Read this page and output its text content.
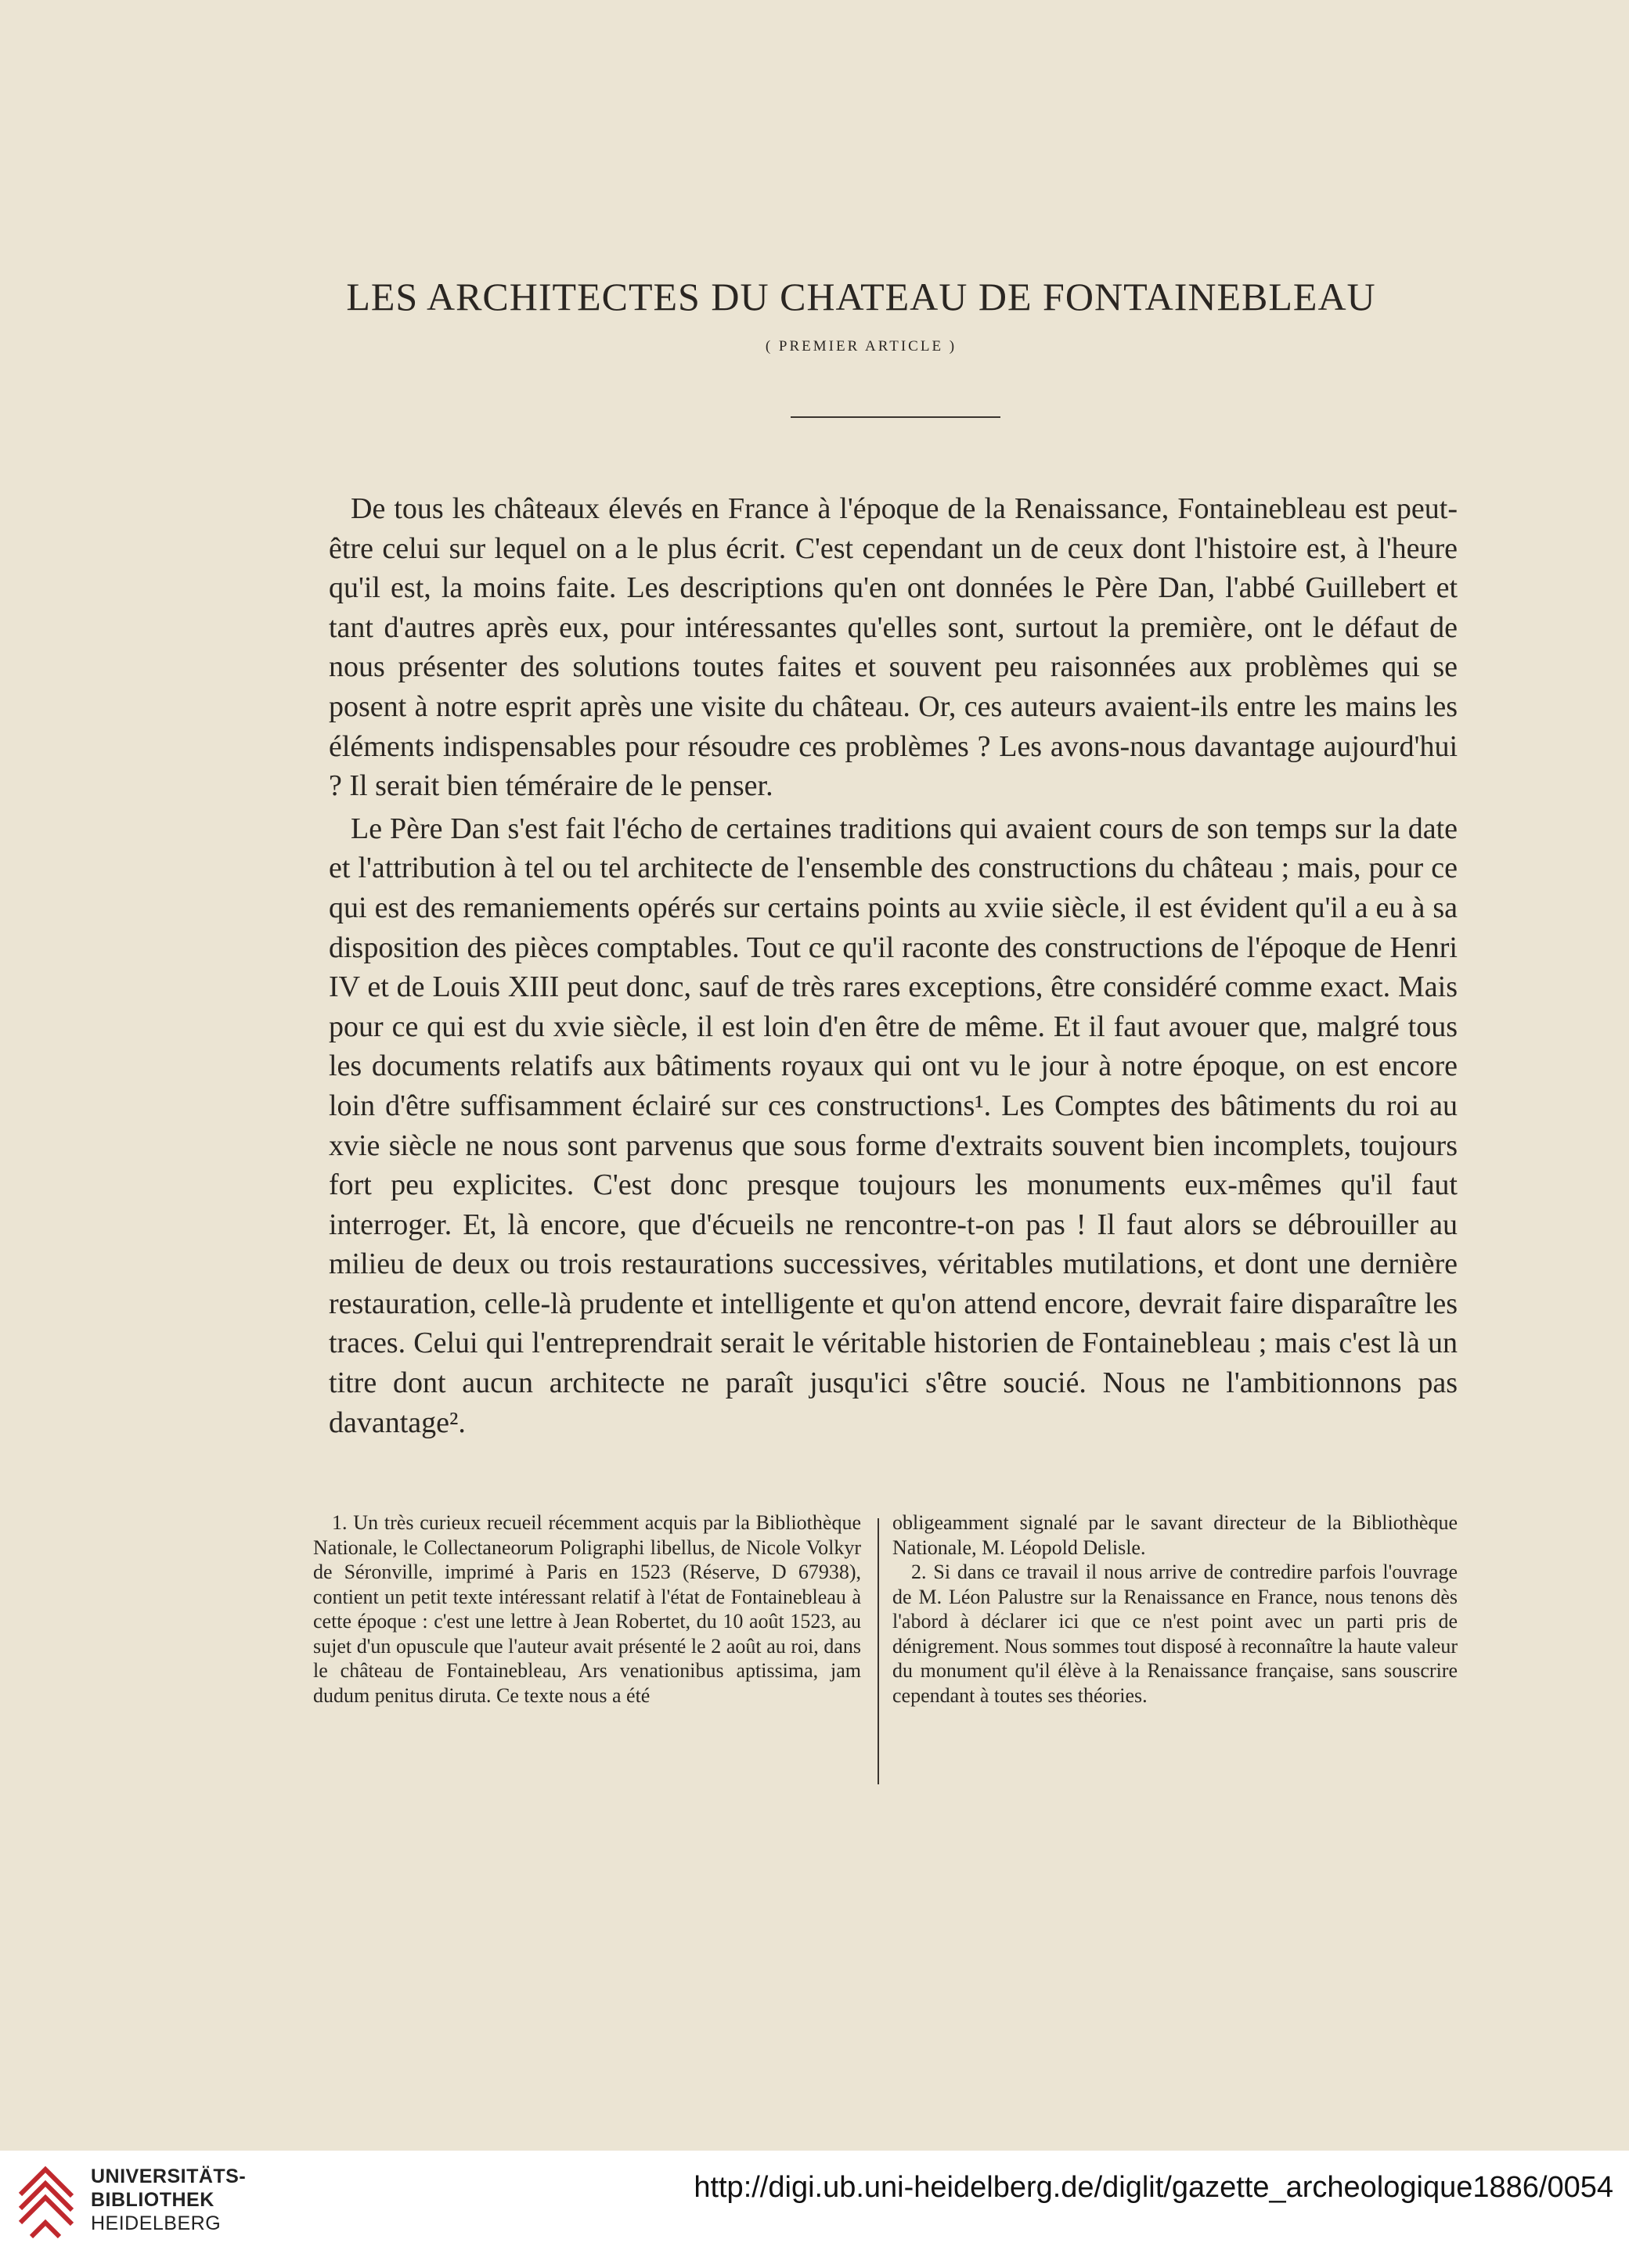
LES ARCHITECTES DU CHATEAU DE FONTAINEBLEAU
( PREMIER ARTICLE )

De tous les châteaux élevés en France à l'époque de la Renaissance, Fontainebleau est peut-être celui sur lequel on a le plus écrit. C'est cependant un de ceux dont l'histoire est, à l'heure qu'il est, la moins faite. Les descriptions qu'en ont données le Père Dan, l'abbé Guillebert et tant d'autres après eux, pour intéressantes qu'elles sont, surtout la première, ont le défaut de nous présenter des solutions toutes faites et souvent peu raisonnées aux problèmes qui se posent à notre esprit après une visite du château. Or, ces auteurs avaient-ils entre les mains les éléments indispensables pour résoudre ces problèmes ? Les avons-nous davantage aujourd'hui ? Il serait bien téméraire de le penser.

Le Père Dan s'est fait l'écho de certaines traditions qui avaient cours de son temps sur la date et l'attribution à tel ou tel architecte de l'ensemble des constructions du château ; mais, pour ce qui est des remaniements opérés sur certains points au xviie siècle, il est évident qu'il a eu à sa disposition des pièces comptables. Tout ce qu'il raconte des constructions de l'époque de Henri IV et de Louis XIII peut donc, sauf de très rares exceptions, être considéré comme exact. Mais pour ce qui est du xvie siècle, il est loin d'en être de même. Et il faut avouer que, malgré tous les documents relatifs aux bâtiments royaux qui ont vu le jour à notre époque, on est encore loin d'être suffisamment éclairé sur ces constructions¹. Les Comptes des bâtiments du roi au xvie siècle ne nous sont parvenus que sous forme d'extraits souvent bien incomplets, toujours fort peu explicites. C'est donc presque toujours les monuments eux-mêmes qu'il faut interroger. Et, là encore, que d'écueils ne rencontre-t-on pas ! Il faut alors se débrouiller au milieu de deux ou trois restaurations successives, véritables mutilations, et dont une dernière restauration, celle-là prudente et intelligente et qu'on attend encore, devrait faire disparaître les traces. Celui qui l'entreprendrait serait le véritable historien de Fontainebleau ; mais c'est là un titre dont aucun architecte ne paraît jusqu'ici s'être soucié. Nous ne l'ambitionnons pas davantage².

1. Un très curieux recueil récemment acquis par la Bibliothèque Nationale, le Collectaneorum Poligraphi libellus, de Nicole Volkyr de Séronville, imprimé à Paris en 1523 (Réserve, D 67938), contient un petit texte intéressant relatif à l'état de Fontainebleau à cette époque : c'est une lettre à Jean Robertet, du 10 août 1523, au sujet d'un opuscule que l'auteur avait présenté le 2 août au roi, dans le château de Fontainebleau, Ars venationibus aptissima, jam dudum penitus diruta. Ce texte nous a été

obligeamment signalé par le savant directeur de la Bibliothèque Nationale, M. Léopold Delisle.

2. Si dans ce travail il nous arrive de contredire parfois l'ouvrage de M. Léon Palustre sur la Renaissance en France, nous tenons dès l'abord à déclarer ici que ce n'est point avec un parti pris de dénigrement. Nous sommes tout disposé à reconnaître la haute valeur du monument qu'il élève à la Renaissance française, sans souscrire cependant à toutes ses théories.

UNIVERSITÄTS-
BIBLIOTHEK
HEIDELBERG
http://digi.ub.uni-heidelberg.de/diglit/gazette_archeologique1886/0054
